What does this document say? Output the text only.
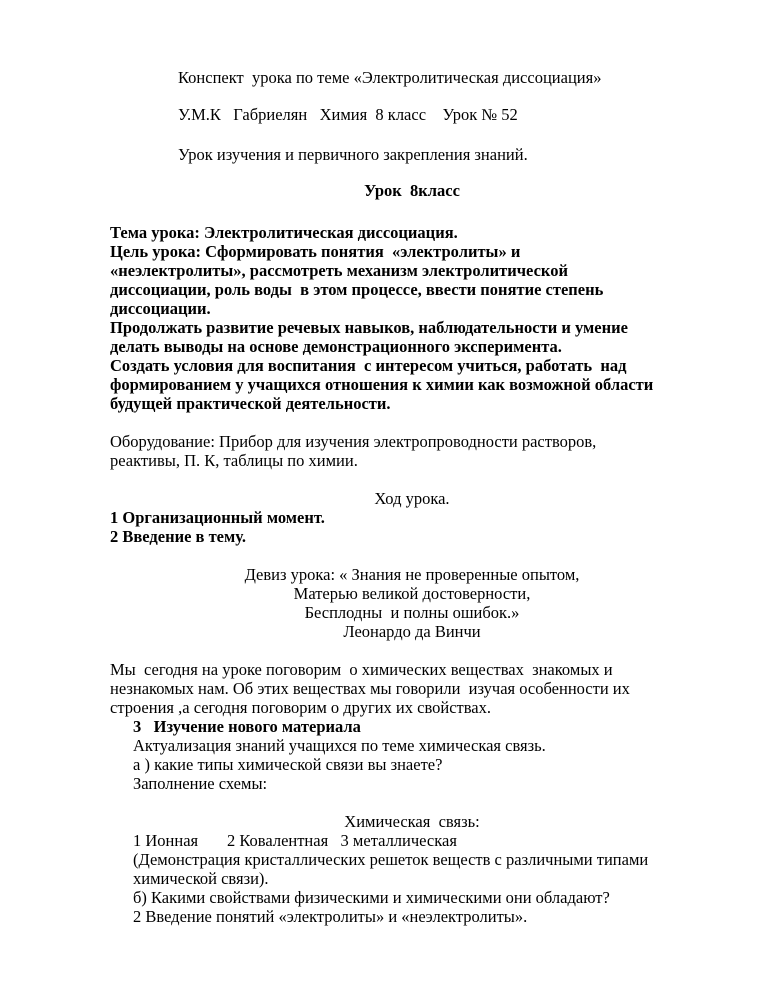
Конспект  урока по теме «Электролитическая диссоциация»

У.М.К   Габриелян   Химия  8 класс    Урок № 52

Урок изучения и первичного закрепления знаний.

Урок  8класс

Тема урока: Электролитическая диссоциация.

Цель урока: Сформировать понятия  «электролиты» и

«неэлектролиты», рассмотреть механизм электролитической

диссоциации, роль воды  в этом процессе, ввести понятие степень

диссоциации.

Продолжать развитие речевых навыков, наблюдательности и умение

делать выводы на основе демонстрационного эксперимента.

Создать условия для воспитания  с интересом учиться, работать  над

формированием у учащихся отношения к химии как возможной области

будущей практической деятельности.

Оборудование: Прибор для изучения электропроводности растворов,

реактивы, П. К, таблицы по химии.

Ход урока.

1 Организационный момент.

2 Введение в тему.

Девиз урока: « Знания не проверенные опытом,

Матерью великой достоверности,

Бесплодны  и полны ошибок.»

Леонардо да Винчи

Мы  сегодня на уроке поговорим  о химических веществах  знакомых и

незнакомых нам. Об этих веществах мы говорили  изучая особенности их

строения ,а сегодня поговорим о других их свойствах.

3   Изучение нового материала

Актуализация знаний учащихся по теме химическая связь.

а ) какие типы химической связи вы знаете?

Заполнение схемы:

Химическая  связь:

1 Ионная       2 Ковалентная   3 металлическая

(Демонстрация кристаллических решеток веществ с различными типами

химической связи).

б) Какими свойствами физическими и химическими они обладают?

2 Введение понятий «электролиты» и «неэлектролиты».
